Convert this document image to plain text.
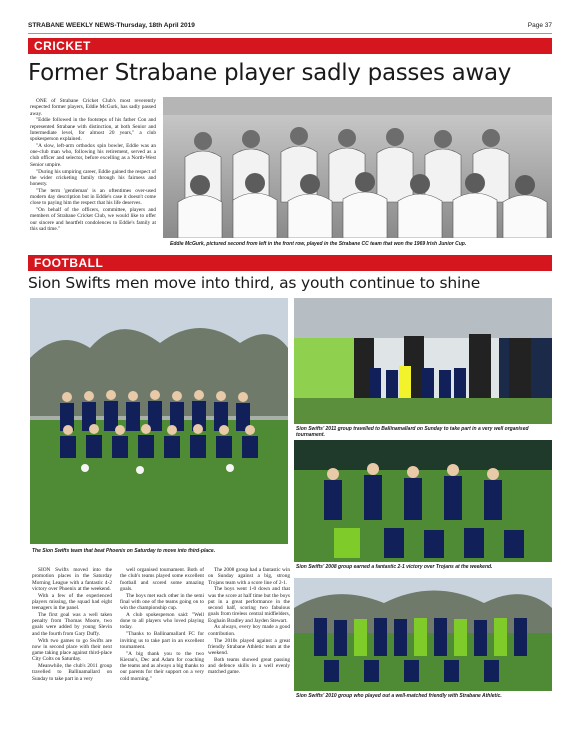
STRABANE WEEKLY NEWS-Thursday, 18th April 2019	Page 37
CRICKET
Former Strabane player sadly passes away

ONE of Strabane Cricket Club's most reverently respected former players, Eddie McGurk, has sadly passed away.

"Eddie followed in the footsteps of his father Con and represented Strabane with distinction, at both Senior and Intermediate level, for almost 20 years," a club spokesperson explained.

"A slow, left-arm orthodox spin bowler, Eddie was an one-club man who, following his retirement, served as a club officer and selector, before excelling as a North-West Senior umpire.

"During his umpiring career, Eddie gained the respect of the wider cricketing family through his fairness and honesty.

"The term 'gentleman' is an oftentimes over-used modern day description but in Eddie's case it doesn't come close to paying him the respect that his life deserves.

"On behalf of the officers, committee, players and members of Strabane Cricket Club, we would like to offer our sincere and heartfelt condolences to Eddie's family at this sad time."

Eddie McGurk, pictured second from left in the front row, played in the Strabane CC team that won the 1969 Irish Junior Cup.
FOOTBALL
Sion Swifts men move into third, as youth continue to shine
The Sion Swifts team that beat Phoenix on Saturday to move into third-place.
Sion Swifts' 2011 group travelled to Ballinamallard on Sunday to take part in a very well organised tournament.
Sion Swifts' 2008 group earned a fantastic 2-1 victory over Trojans at the weekend.
Sion Swifts' 2010 group who played out a well-matched friendly with Strabane Athletic.

SION Swifts moved into the promotion places in the Saturday Morning League with a fantastic 4-2 victory over Phoenix at the weekend.

With a few of the experienced players missing, the squad had eight teenagers in the panel.

The first goal was a well taken penalty from Thomas Moore, two goals were added by young Slevin and the fourth from Gary Duffy.

With two games to go Swifts are now in second place with their next game taking place against third-place City Colts on Saturday.

Meanwhile, the club's 2011 group travelled to Ballinamallard on Sunday to take part in a very

well organised tournament. Both of the club's teams played some excellent football and scored some amazing goals.

The boys met each other in the semi final with one of the teams going on to win the championship cup.

A club spokesperson said: "Well done to all players who loved playing today.

"Thanks to Ballinamallard FC for inviting us to take part in an excellent tournament.

"A big thank you to the two Kieran's, Dec and Adam for coaching the teams and as always a big thanks to our parents for their support on a very cold morning."

The 2008 group had a fantastic win on Sunday against a big, strong Trojans team with a score line of 2-1.

The boys went 1-0 down and that was the score at half time but the boys put in a great performance in the second half, scoring two fabulous goals from tireless central midfielders, Eoghain Bradley and Jayden Stewart.

As always, every boy made a good contribution.

The 2010s played against a great friendly Strabane Athletic team at the weekend.

Both teams showed great passing and defence skills in a well evenly matched game.
